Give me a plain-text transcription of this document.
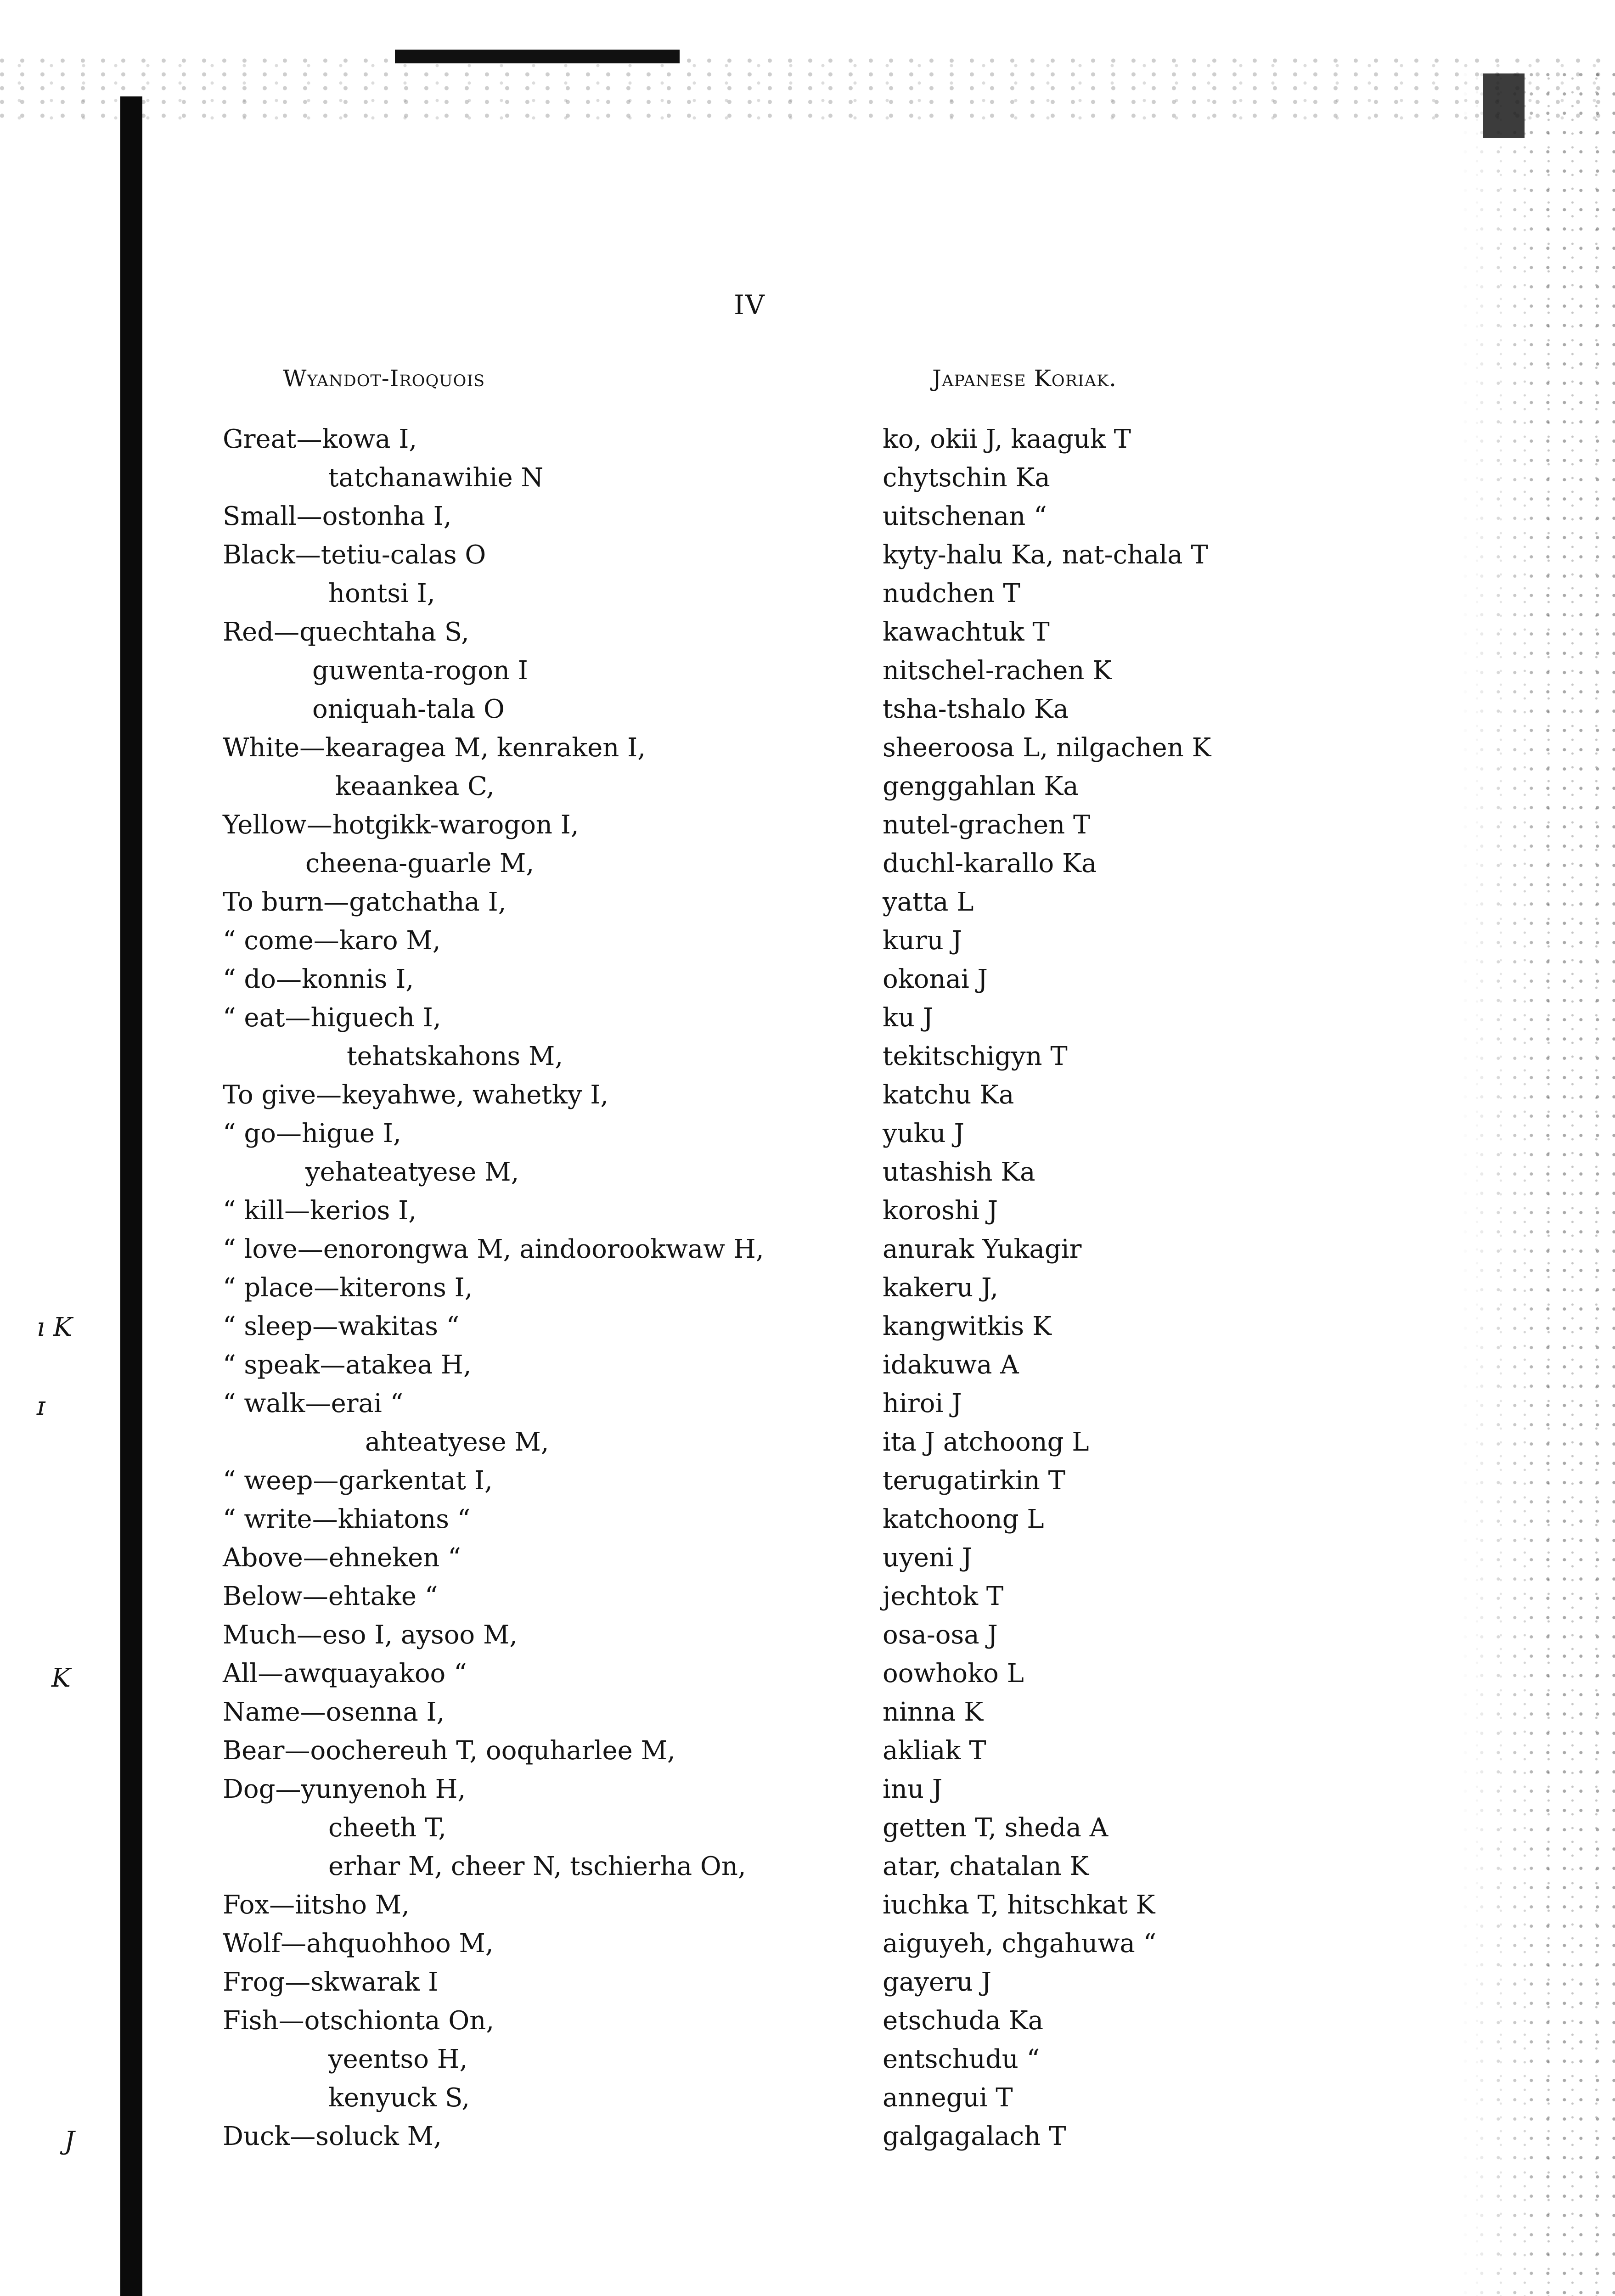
IV
Wyandot-Iroquois	Japanese Koriak.
Great—kowa I,
tatchanawihie N
Small—ostonha I,
Black—tetiu-calas O
hontsi I,
Red—quechtaha S,
guwenta-rogon I
oniquah-tala O
White—kearagea M, kenraken I,
keaankea C,
Yellow—hotgikk-warogon I,
cheena-guarle M,
To burn—gatchatha I,
“ come—karo M,
“ do—konnis I,
“ eat—higuech I,
tehatskahons M,
To give—keyahwe, wahetky I,
“ go—higue I,
yehateatyese M,
“ kill—kerios I,
“ love—enorongwa M, aindoorookwaw H,
“ place—kiterons I,
“ sleep—wakitas “
“ speak—atakea H,
“ walk—erai “
ahteatyese M,
“ weep—garkentat I,
“ write—khiatons “
Above—ehneken “
Below—ehtake “
Much—eso I, aysoo M,
All—awquayakoo “
Name—osenna I,
Bear—oochereuh T, ooquharlee M,
Dog—yunyenoh H,
cheeth T,
erhar M, cheer N, tschierha On,
Fox—iitsho M,
Wolf—ahquohhoo M,
Frog—skwarak I
Fish—otschionta On,
yeentso H,
kenyuck S,
Duck—soluck M,
ko, okii J, kaaguk T
chytschin Ka
uitschenan “
kyty-halu Ka, nat-chala T
nudchen T
kawachtuk T
nitschel-rachen K
tsha-tshalo Ka
sheeroosa L, nilgachen K
genggahlan Ka
nutel-grachen T
duchl-karallo Ka
yatta L
kuru J
okonai J
ku J
tekitschigyn T
katchu Ka
yuku J
utashish Ka
koroshi J
anurak Yukagir
kakeru J,
kangwitkis K
idakuwa A
hiroi J
ita J atchoong L
terugatirkin T
katchoong L
uyeni J
jechtok T
osa-osa J
oowhoko L
ninna K
akliak T
inu J
getten T, sheda A
atar, chatalan K
iuchka T, hitschkat K
aiguyeh, chgahuwa “
gayeru J
etschuda Ka
entschudu “
annegui T
galgagalach T
ı K
ɪ
K
J
